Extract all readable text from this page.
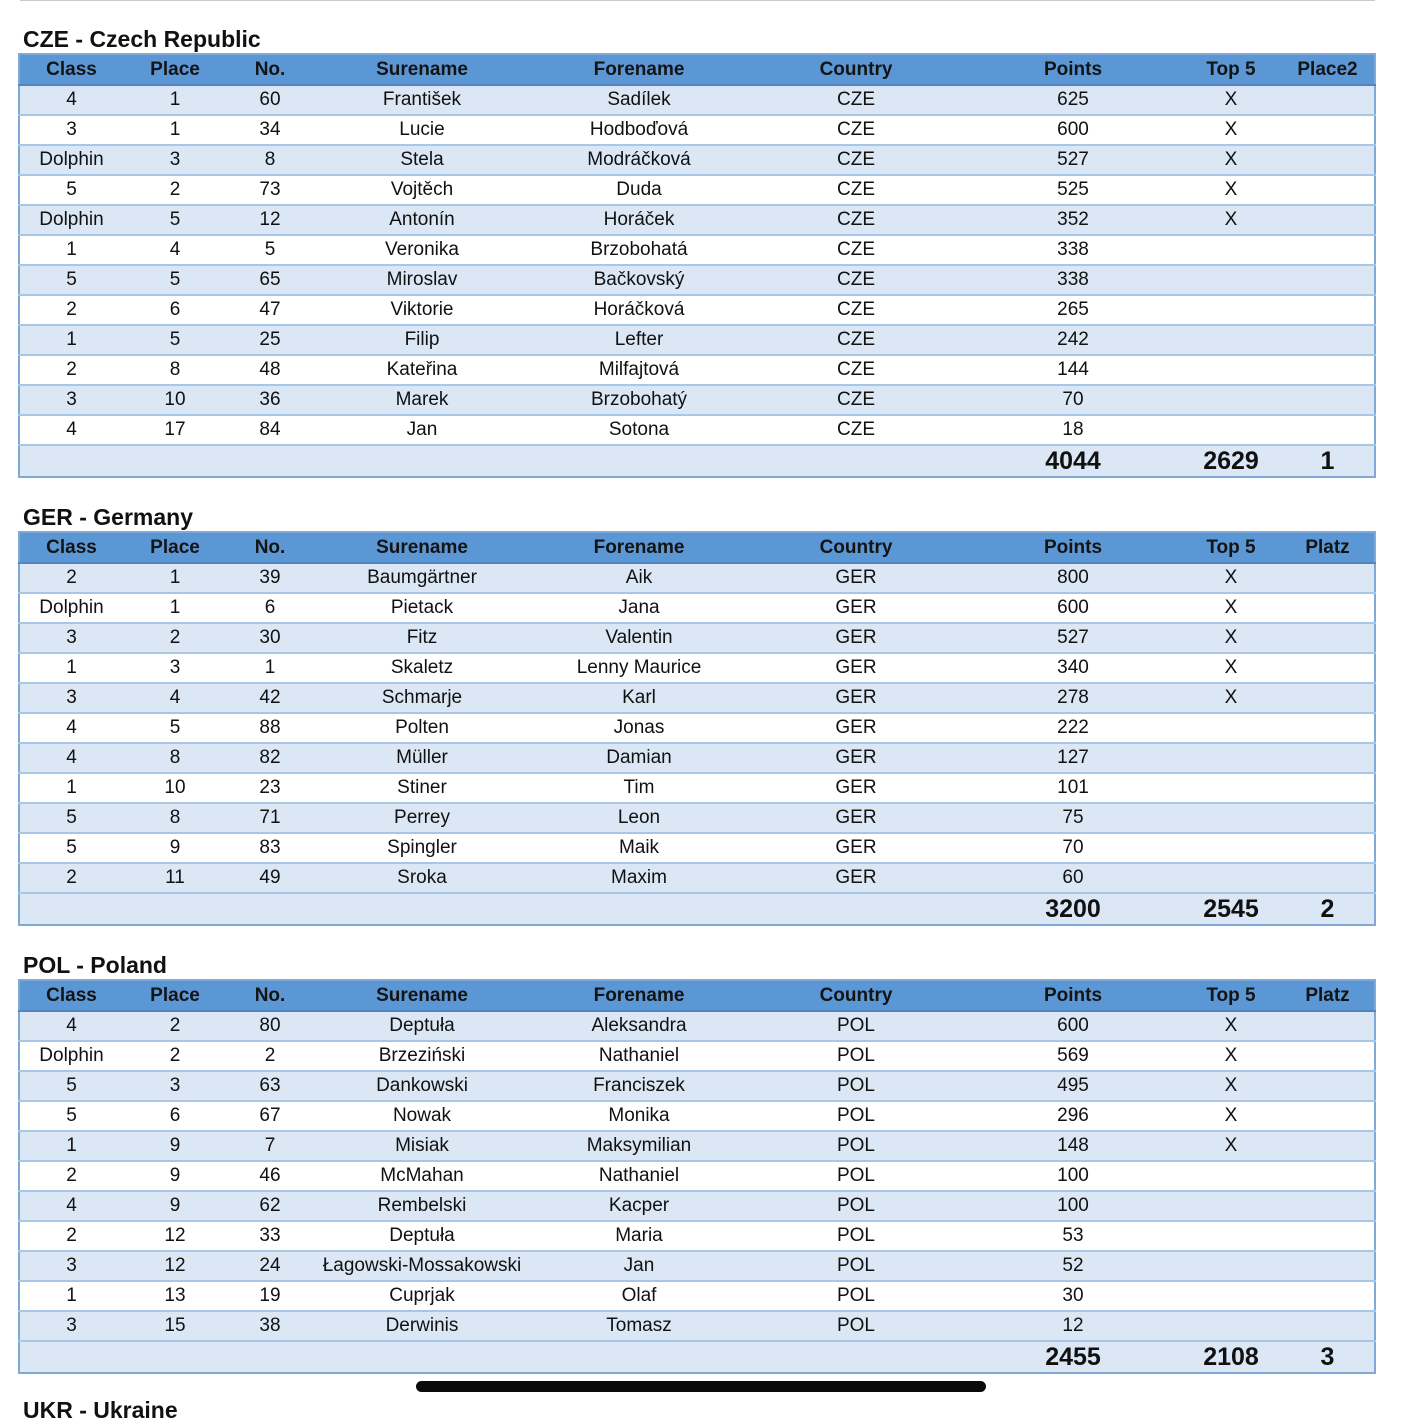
CZE - Czech Republic
Class	Place	No.	Surename	Forename	Country	Points	Top 5	Place2
4	1	60	František	Sadílek	CZE	625	X	
3	1	34	Lucie	Hodboďová	CZE	600	X	
Dolphin	3	8	Stela	Modráčková	CZE	527	X	
5	2	73	Vojtěch	Duda	CZE	525	X	
Dolphin	5	12	Antonín	Horáček	CZE	352	X	
1	4	5	Veronika	Brzobohatá	CZE	338		
5	5	65	Miroslav	Bačkovský	CZE	338		
2	6	47	Viktorie	Horáčková	CZE	265		
1	5	25	Filip	Lefter	CZE	242		
2	8	48	Kateřina	Milfajtová	CZE	144		
3	10	36	Marek	Brzobohatý	CZE	70		
4	17	84	Jan	Sotona	CZE	18		
						4044	2629	1
GER - Germany
Class	Place	No.	Surename	Forename	Country	Points	Top 5	Platz
2	1	39	Baumgärtner	Aik	GER	800	X	
Dolphin	1	6	Pietack	Jana	GER	600	X	
3	2	30	Fitz	Valentin	GER	527	X	
1	3	1	Skaletz	Lenny Maurice	GER	340	X	
3	4	42	Schmarje	Karl	GER	278	X	
4	5	88	Polten	Jonas	GER	222		
4	8	82	Müller	Damian	GER	127		
1	10	23	Stiner	Tim	GER	101		
5	8	71	Perrey	Leon	GER	75		
5	9	83	Spingler	Maik	GER	70		
2	11	49	Sroka	Maxim	GER	60		
						3200	2545	2
POL - Poland
Class	Place	No.	Surename	Forename	Country	Points	Top 5	Platz
4	2	80	Deptuła	Aleksandra	POL	600	X	
Dolphin	2	2	Brzeziński	Nathaniel	POL	569	X	
5	3	63	Dankowski	Franciszek	POL	495	X	
5	6	67	Nowak	Monika	POL	296	X	
1	9	7	Misiak	Maksymilian	POL	148	X	
2	9	46	McMahan	Nathaniel	POL	100		
4	9	62	Rembelski	Kacper	POL	100		
2	12	33	Deptuła	Maria	POL	53		
3	12	24	Łagowski-Mossakowski	Jan	POL	52		
1	13	19	Cuprjak	Olaf	POL	30		
3	15	38	Derwinis	Tomasz	POL	12		
						2455	2108	3
UKR - Ukraine
